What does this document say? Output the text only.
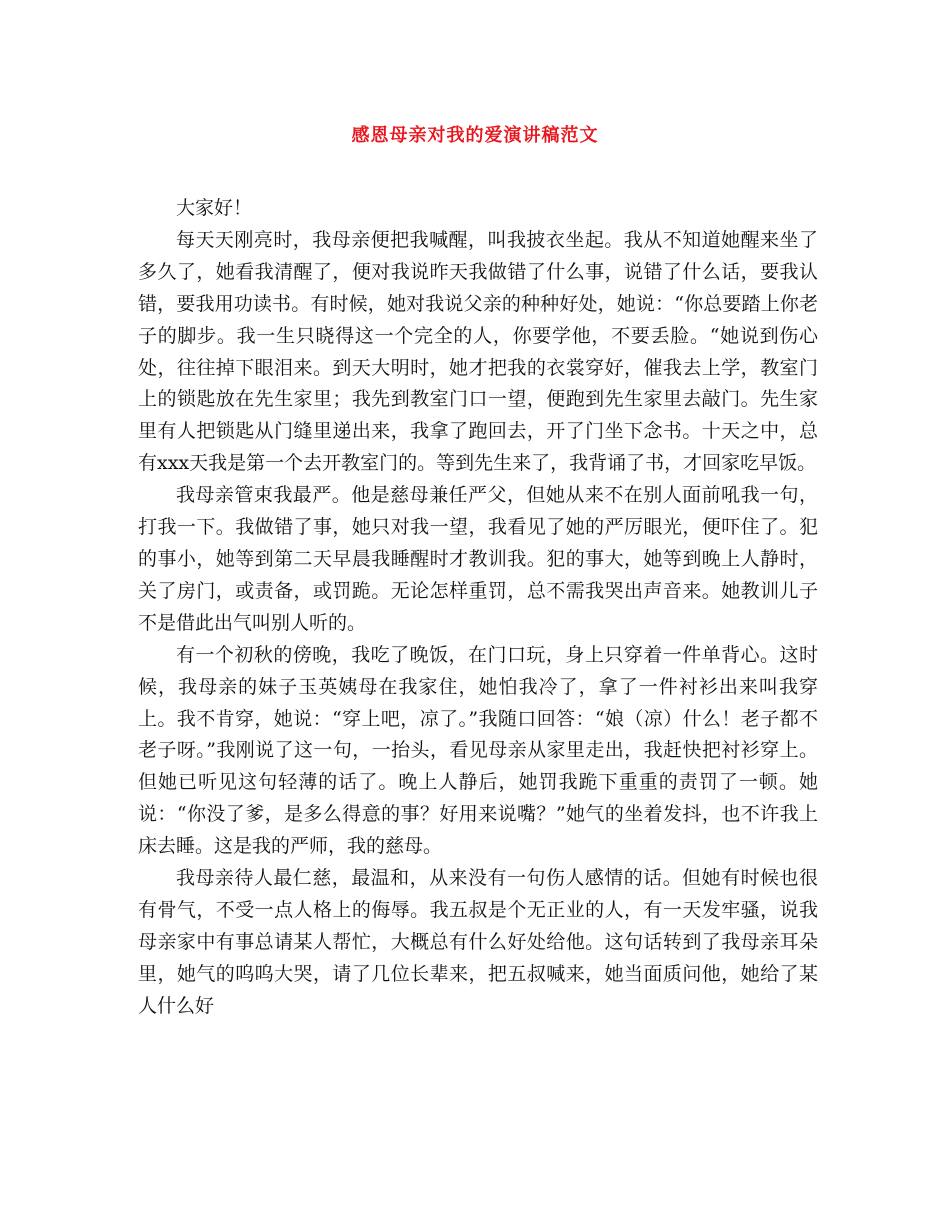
感恩母亲对我的爱演讲稿范文

大家好！

每天天刚亮时，我母亲便把我喊醒，叫我披衣坐起。我从不知道她醒来坐了多久了，她看我清醒了，便对我说昨天我做错了什么事，说错了什么话，要我认错，要我用功读书。有时候，她对我说父亲的种种好处，她说：“你总要踏上你老子的脚步。我一生只晓得这一个完全的人，你要学他，不要丢脸。“她说到伤心处，往往掉下眼泪来。到天大明时，她才把我的衣裳穿好，催我去上学，教室门上的锁匙放在先生家里；我先到教室门口一望，便跑到先生家里去敲门。先生家里有人把锁匙从门缝里递出来，我拿了跑回去，开了门坐下念书。十天之中，总有xxx天我是第一个去开教室门的。等到先生来了，我背诵了书，才回家吃早饭。

我母亲管束我最严。他是慈母兼任严父，但她从来不在别人面前吼我一句，打我一下。我做错了事，她只对我一望，我看见了她的严厉眼光，便吓住了。犯的事小，她等到第二天早晨我睡醒时才教训我。犯的事大，她等到晚上人静时，关了房门，或责备，或罚跪。无论怎样重罚，总不需我哭出声音来。她教训儿子不是借此出气叫别人听的。

有一个初秋的傍晚，我吃了晚饭，在门口玩，身上只穿着一件单背心。这时候，我母亲的妹子玉英姨母在我家住，她怕我冷了，拿了一件衬衫出来叫我穿上。我不肯穿，她说：“穿上吧，凉了。”我随口回答：“娘（凉）什么！老子都不老子呀。”我刚说了这一句，一抬头，看见母亲从家里走出，我赶快把衬衫穿上。但她已听见这句轻薄的话了。晚上人静后，她罚我跪下重重的责罚了一顿。她说：“你没了爹，是多么得意的事？好用来说嘴？”她气的坐着发抖，也不许我上床去睡。这是我的严师，我的慈母。

我母亲待人最仁慈，最温和，从来没有一句伤人感情的话。但她有时候也很有骨气，不受一点人格上的侮辱。我五叔是个无正业的人，有一天发牢骚，说我母亲家中有事总请某人帮忙，大概总有什么好处给他。这句话转到了我母亲耳朵里，她气的呜呜大哭，请了几位长辈来，把五叔喊来，她当面质问他，她给了某人什么好
